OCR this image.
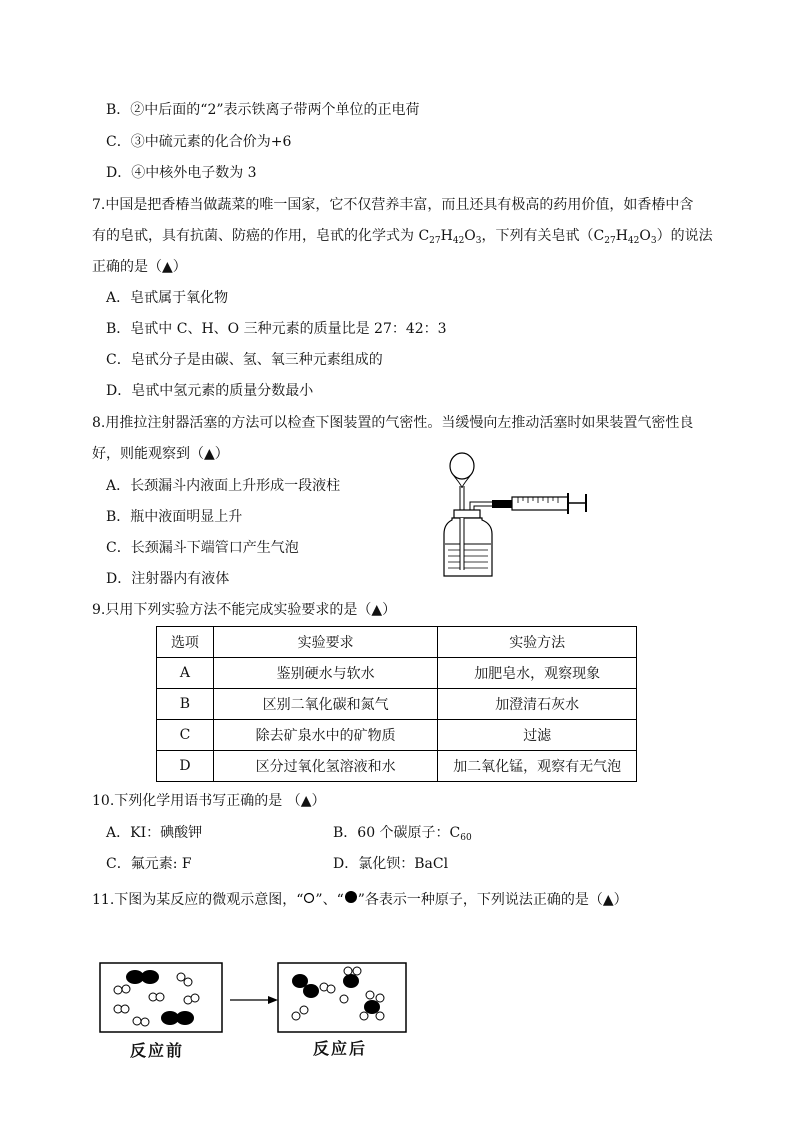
B．②中后面的“2”表示铁离子带两个单位的正电荷
C．③中硫元素的化合价为+6
D．④中核外电子数为 3
7.中国是把香椿当做蔬菜的唯一国家，它不仅营养丰富，而且还具有极高的药用价值，如香椿中含
有的皂甙，具有抗菌、防癌的作用，皂甙的化学式为 $C_{27}H_{42}O_3$，下列有关皂甙$(C_{27}H_{42}O_3)$的说法
正确的是（▲）
A．皂甙属于氧化物
B．皂甙中 C、H、O 三种元素的质量比是 27：42：3
C．皂甙分子是由碳、氢、氧三种元素组成的
D．皂甙中氢元素的质量分数最小
8.用推拉注射器活塞的方法可以检查下图装置的气密性。当缓慢向左推动活塞时如果装置气密性良
好，则能观察到（▲）
A．长颈漏斗内液面上升形成一段液柱
B．瓶中液面明显上升
C．长颈漏斗下端管口产生气泡
D．注射器内有液体
9.只用下列实验方法不能完成实验要求的是（▲）
选项	实验要求	实验方法
A	鉴别硬水与软水	加肥皂水，观察现象
B	区别二氧化碳和氮气	加澄清石灰水
C	除去矿泉水中的矿物质	过滤
D	区分过氧化氢溶液和水	加二氧化锰，观察有无气泡
10.下列化学用语书写正确的是 （▲）
A．KI：碘酸钾	B．60 个碳原子：$C_{60}$
C．氟元素: F	D．氯化钡：BaCl
11.下图为某反应的微观示意图，“ ”、“ ”各表示一种原子，下列说法正确的是（▲）
反应前	反应后
